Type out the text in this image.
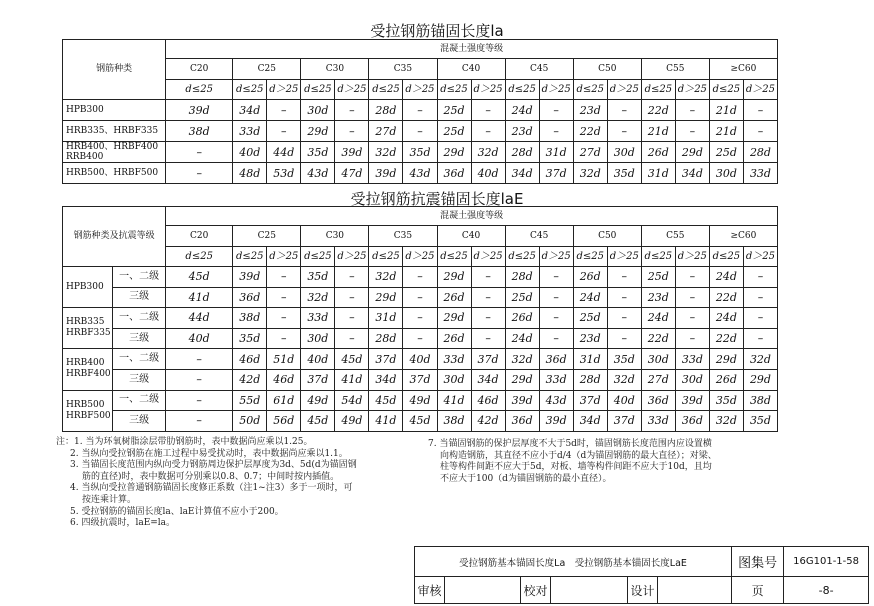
受拉钢筋锚固长度la
钢筋种类	混凝土强度等级																
	C20	C25		C30		C35		C40		C45		C50		C55		≥C60	
	d≤25	d≤25	d＞25	d≤25	d＞25	d≤25	d＞25	d≤25	d＞25	d≤25	d＞25	d≤25	d＞25	d≤25	d＞25	d≤25	d＞25
HPB300	39d	34d	–	30d	–	28d	–	25d	–	24d	–	23d	–	22d	–	21d	–
HRB335、HRBF335	38d	33d	–	29d	–	27d	–	25d	–	23d	–	22d	–	21d	–	21d	–
HRB400、HRBF400 RRB400	–	40d	44d	35d	39d	32d	35d	29d	32d	28d	31d	27d	30d	26d	29d	25d	28d
HRB500、HRBF500	–	48d	53d	43d	47d	39d	43d	36d	40d	34d	37d	32d	35d	31d	34d	30d	33d
受拉钢筋抗震锚固长度laE
钢筋种类及抗震等级		混凝土强度等级																
		C20	C25		C30		C35		C40		C45		C50		C55		≥C60	
		d≤25	d≤25	d＞25	d≤25	d＞25	d≤25	d＞25	d≤25	d＞25	d≤25	d＞25	d≤25	d＞25	d≤25	d＞25	d≤25	d＞25
HPB300	一、二级	45d	39d	–	35d	–	32d	–	29d	–	28d	–	26d	–	25d	–	24d	–
	三级	41d	36d	–	32d	–	29d	–	26d	–	25d	–	24d	–	23d	–	22d	–
HRB335 HRBF335	一、二级	44d	38d	–	33d	–	31d	–	29d	–	26d	–	25d	–	24d	–	24d	–
	三级	40d	35d	–	30d	–	28d	–	26d	–	24d	–	23d	–	22d	–	22d	–
HRB400 HRBF400	一、二级	–	46d	51d	40d	45d	37d	40d	33d	37d	32d	36d	31d	35d	30d	33d	29d	32d
	三级	–	42d	46d	37d	41d	34d	37d	30d	34d	29d	33d	28d	32d	27d	30d	26d	29d
HRB500 HRBF500	一、二级	–	55d	61d	49d	54d	45d	49d	41d	46d	39d	43d	37d	40d	36d	39d	35d	38d
	三级	–	50d	56d	45d	49d	41d	45d	38d	42d	36d	39d	34d	37d	33d	36d	32d	35d
注：1. 当为环氧树脂涂层带肋钢筋时，表中数据尚应乘以1.25。
2. 当纵向受拉钢筋在施工过程中易受扰动时，表中数据尚应乘以1.1。
3. 当锚固长度范围内纵向受力钢筋周边保护层厚度为3d、5d(d为锚固钢
筋的直径)时，表中数据可分别乘以0.8、0.7；中间时按内插值。
4. 当纵向受拉普通钢筋锚固长度修正系数（注1~注3）多于一项时，可
按连乘计算。
5. 受拉钢筋的锚固长度la、laE计算值不应小于200。
6. 四级抗震时，laE=la。
7. 当锚固钢筋的保护层厚度不大于5d时，锚固钢筋长度范围内应设置横
向构造钢筋，其直径不应小于d/4（d为锚固钢筋的最大直径）；对梁、
柱等构件间距不应大于5d，对板、墙等构件间距不应大于10d，且均
不应大于100（d为锚固钢筋的最小直径）。
受拉钢筋基本锚固长度La　受拉钢筋基本锚固长度LaE						图集号	16G101-1-58
审核		校对		设计		页	-8-
